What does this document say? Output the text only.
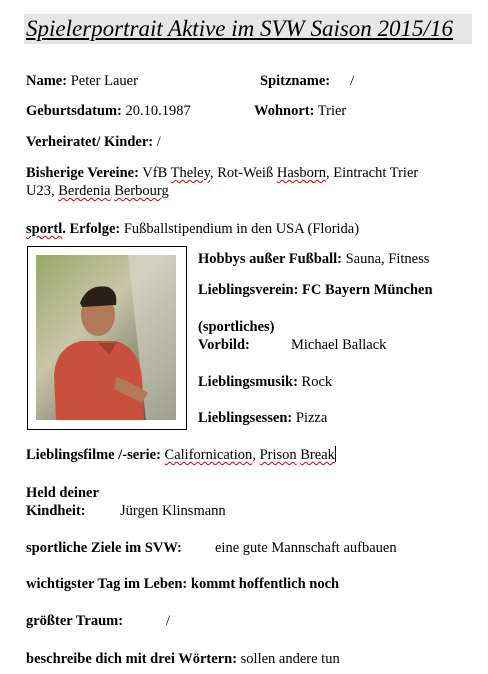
Spielerportrait Aktive im SVW Saison 2015/16
Name: Peter Lauer	Spitzname: /
Geburtsdatum: 20.10.1987	Wohnort: Trier
Verheiratet/ Kinder: /
Bisherige Vereine: VfB Theley, Rot-Weiß Hasborn, Eintracht Trier
U23, Berdenia Berbourg
sportl. Erfolge: Fußballstipendium in den USA (Florida)
Hobbys außer Fußball: Sauna, Fitness
Lieblingsverein: FC Bayern München
(sportliches)
Vorbild:	Michael Ballack
Lieblingsmusik: Rock
Lieblingsessen: Pizza
Lieblingsfilme /-serie: Californication, Prison Break
Held deiner
Kindheit: Jürgen Klinsmann
sportliche Ziele im SVW: eine gute Mannschaft aufbauen
wichtigster Tag im Leben: kommt hoffentlich noch
größter Traum:	/
beschreibe dich mit drei Wörtern: sollen andere tun
